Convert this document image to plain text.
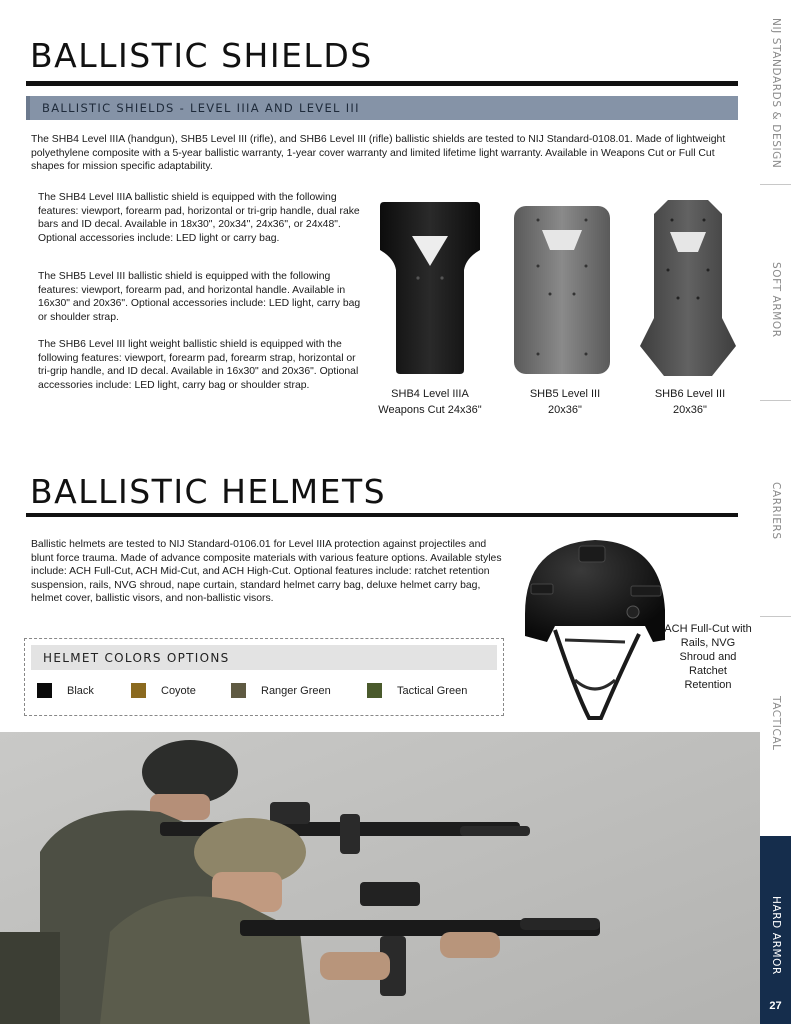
BALLISTIC SHIELDS
BALLISTIC SHIELDS - LEVEL IIIA AND LEVEL III

The SHB4 Level IIIA (handgun), SHB5 Level III (rifle), and SHB6 Level III (rifle) ballistic shields are tested to NIJ Standard-0108.01. Made of lightweight polyethylene composite with a 5-year ballistic warranty, 1-year cover warranty and limited lifetime light warranty. Available in Weapons Cut or Full Cut shapes for mission specific adaptability.

The SHB4 Level IIIA ballistic shield is equipped with the following features: viewport, forearm pad, horizontal or tri-grip handle, dual rake bars and ID decal. Available in 18x30", 20x34", 24x36", or 24x48". Optional accessories include: LED light or carry bag.

The SHB5 Level III ballistic shield is equipped with the following features: viewport, forearm pad, and horizontal handle. Available in 16x30" and 20x36". Optional accessories include: LED light, carry bag or shoulder strap.

The SHB6 Level III light weight ballistic shield is equipped with the following features: viewport, forearm pad, forearm strap, horizontal or tri-grip handle, and ID decal. Available in 16x30" and 20x36". Optional accessories include: LED light, carry bag or shoulder strap.

SHB4 Level IIIA
Weapons Cut 24x36"
SHB5 Level III
20x36"
SHB6 Level III
20x36"
BALLISTIC HELMETS

Ballistic helmets are tested to NIJ Standard-0106.01 for Level IIIA protection against projectiles and blunt force trauma. Made of advance composite materials with various feature options. Available styles include: ACH Full-Cut, ACH Mid-Cut, and ACH High-Cut. Optional features include: ratchet retention suspension, rails, NVG shroud, nape curtain, standard helmet carry bag, deluxe helmet carry bag, helmet cover, ballistic visors, and non-ballistic visors.

ACH Full-Cut with Rails, NVG Shroud and Ratchet Retention
HELMET COLORS OPTIONS
Black	Coyote	Ranger Green	Tactical Green
NIJ STANDARDS & DESIGN
SOFT ARMOR
CARRIERS
TACTICAL
HARD ARMOR
27
